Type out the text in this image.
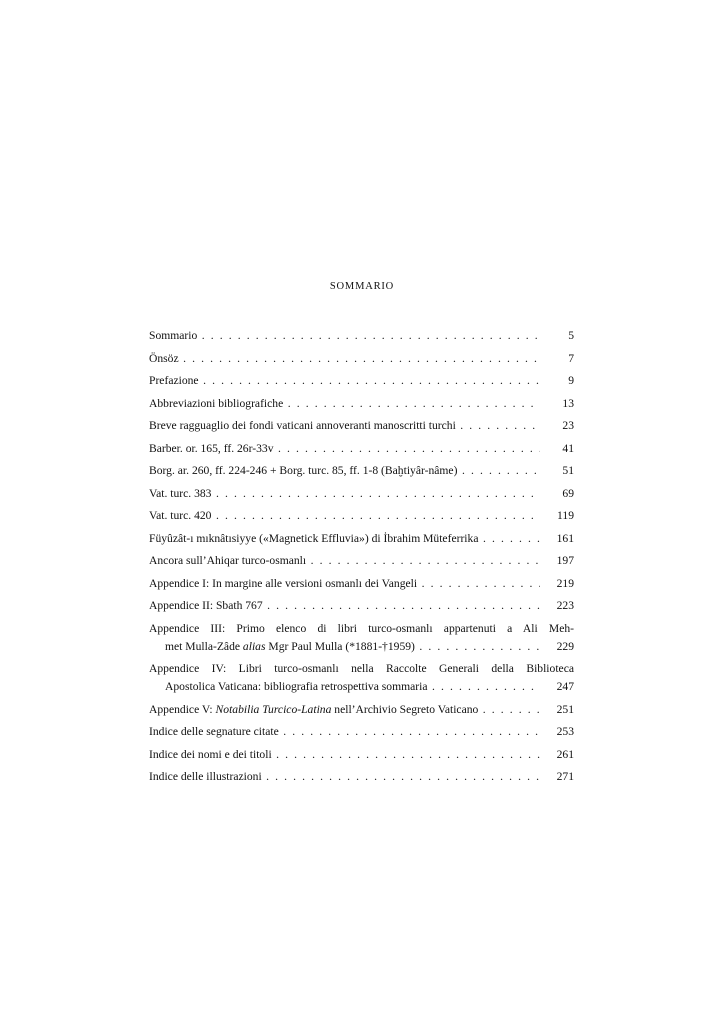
SOMMARIO
Sommario . . .	5
Önsöz . . .	7
Prefazione . . .	9
Abbreviazioni bibliografiche . . .	13
Breve ragguaglio dei fondi vaticani annoveranti manoscritti turchi . . .	23
Barber. or. 165, ff. 26r-33v . . .	41
Borg. ar. 260, ff. 224-246 + Borg. turc. 85, ff. 1-8 (Baḫtiyâr-nâme) . . .	51
Vat. turc. 383 . . .	69
Vat. turc. 420 . . .	119
Füyûzât-ı mıknâtısiyye («Magnetick Effluvia») di İbrahim Müteferrika . . .	161
Ancora sull’Ahiqar turco-osmanlı . . .	197
Appendice I: In margine alle versioni osmanlı dei Vangeli . . .	219
Appendice II: Sbath 767 . . .	223
Appendice III: Primo elenco di libri turco-osmanlı appartenuti a Ali Meh-
met Mulla-Zâde alias Mgr Paul Mulla (*1881-†1959) . . .	229
Appendice IV: Libri turco-osmanlı nella Raccolte Generali della Biblioteca
Apostolica Vaticana: bibliografia retrospettiva sommaria . . .	247
Appendice V: Notabilia Turcico-Latina nell’Archivio Segreto Vaticano . . .	251
Indice delle segnature citate . . .	253
Indice dei nomi e dei titoli . . .	261
Indice delle illustrazioni . . .	271
